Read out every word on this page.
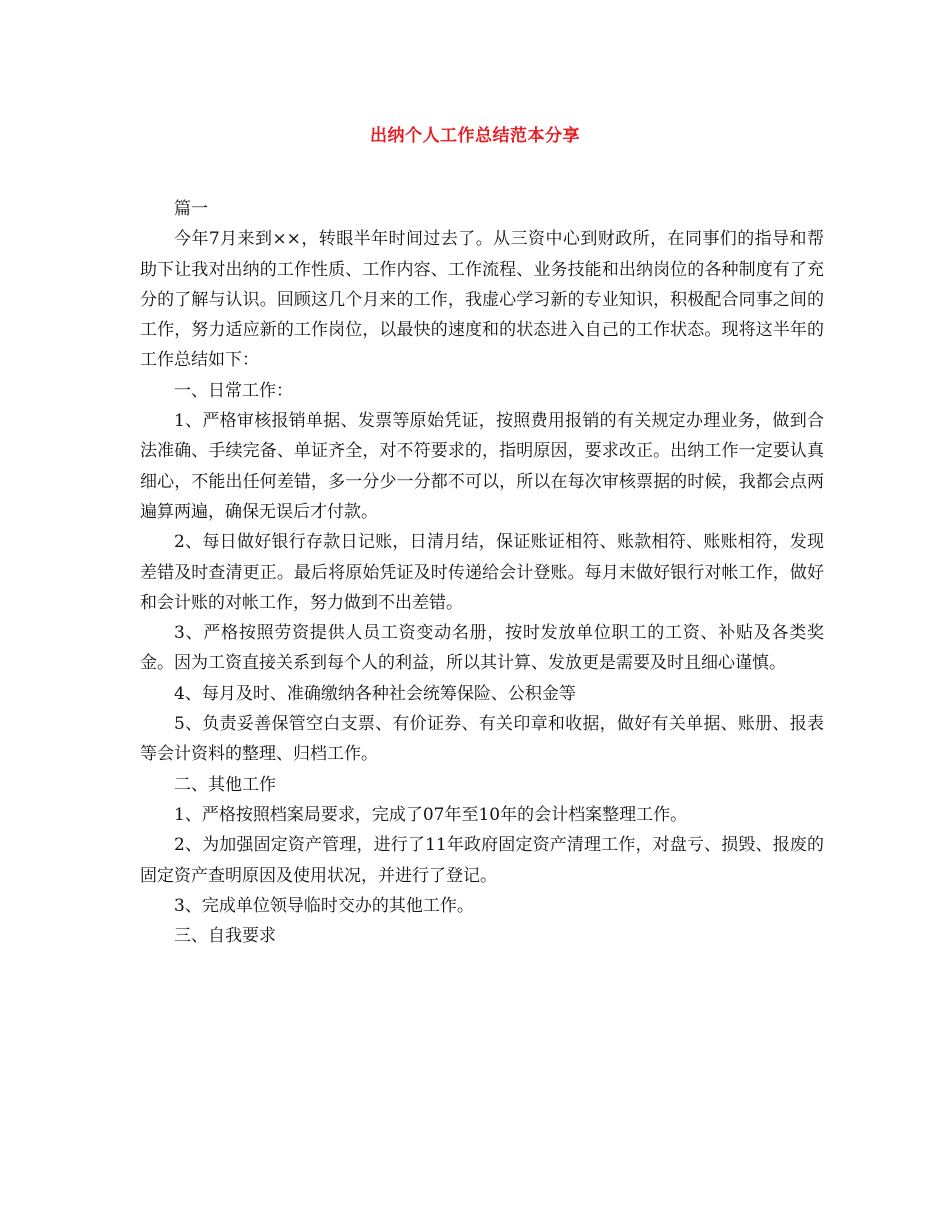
出纳个人工作总结范本分享

篇一

今年7月来到××，转眼半年时间过去了。从三资中心到财政所，在同事们的指导和帮助下让我对出纳的工作性质、工作内容、工作流程、业务技能和出纳岗位的各种制度有了充分的了解与认识。回顾这几个月来的工作，我虚心学习新的专业知识，积极配合同事之间的工作，努力适应新的工作岗位，以最快的速度和的状态进入自己的工作状态。现将这半年的工作总结如下：

一、日常工作：

1、严格审核报销单据、发票等原始凭证，按照费用报销的有关规定办理业务，做到合法准确、手续完备、单证齐全，对不符要求的，指明原因，要求改正。出纳工作一定要认真细心，不能出任何差错，多一分少一分都不可以，所以在每次审核票据的时候，我都会点两遍算两遍，确保无误后才付款。

2、每日做好银行存款日记账，日清月结，保证账证相符、账款相符、账账相符，发现差错及时查清更正。最后将原始凭证及时传递给会计登账。每月末做好银行对帐工作，做好和会计账的对帐工作，努力做到不出差错。

3、严格按照劳资提供人员工资变动名册，按时发放单位职工的工资、补贴及各类奖金。因为工资直接关系到每个人的利益，所以其计算、发放更是需要及时且细心谨慎。

4、每月及时、准确缴纳各种社会统筹保险、公积金等

5、负责妥善保管空白支票、有价证券、有关印章和收据，做好有关单据、账册、报表等会计资料的整理、归档工作。

二、其他工作

1、严格按照档案局要求，完成了07年至10年的会计档案整理工作。

2、为加强固定资产管理，进行了11年政府固定资产清理工作，对盘亏、损毁、报废的固定资产查明原因及使用状况，并进行了登记。

3、完成单位领导临时交办的其他工作。

三、自我要求
